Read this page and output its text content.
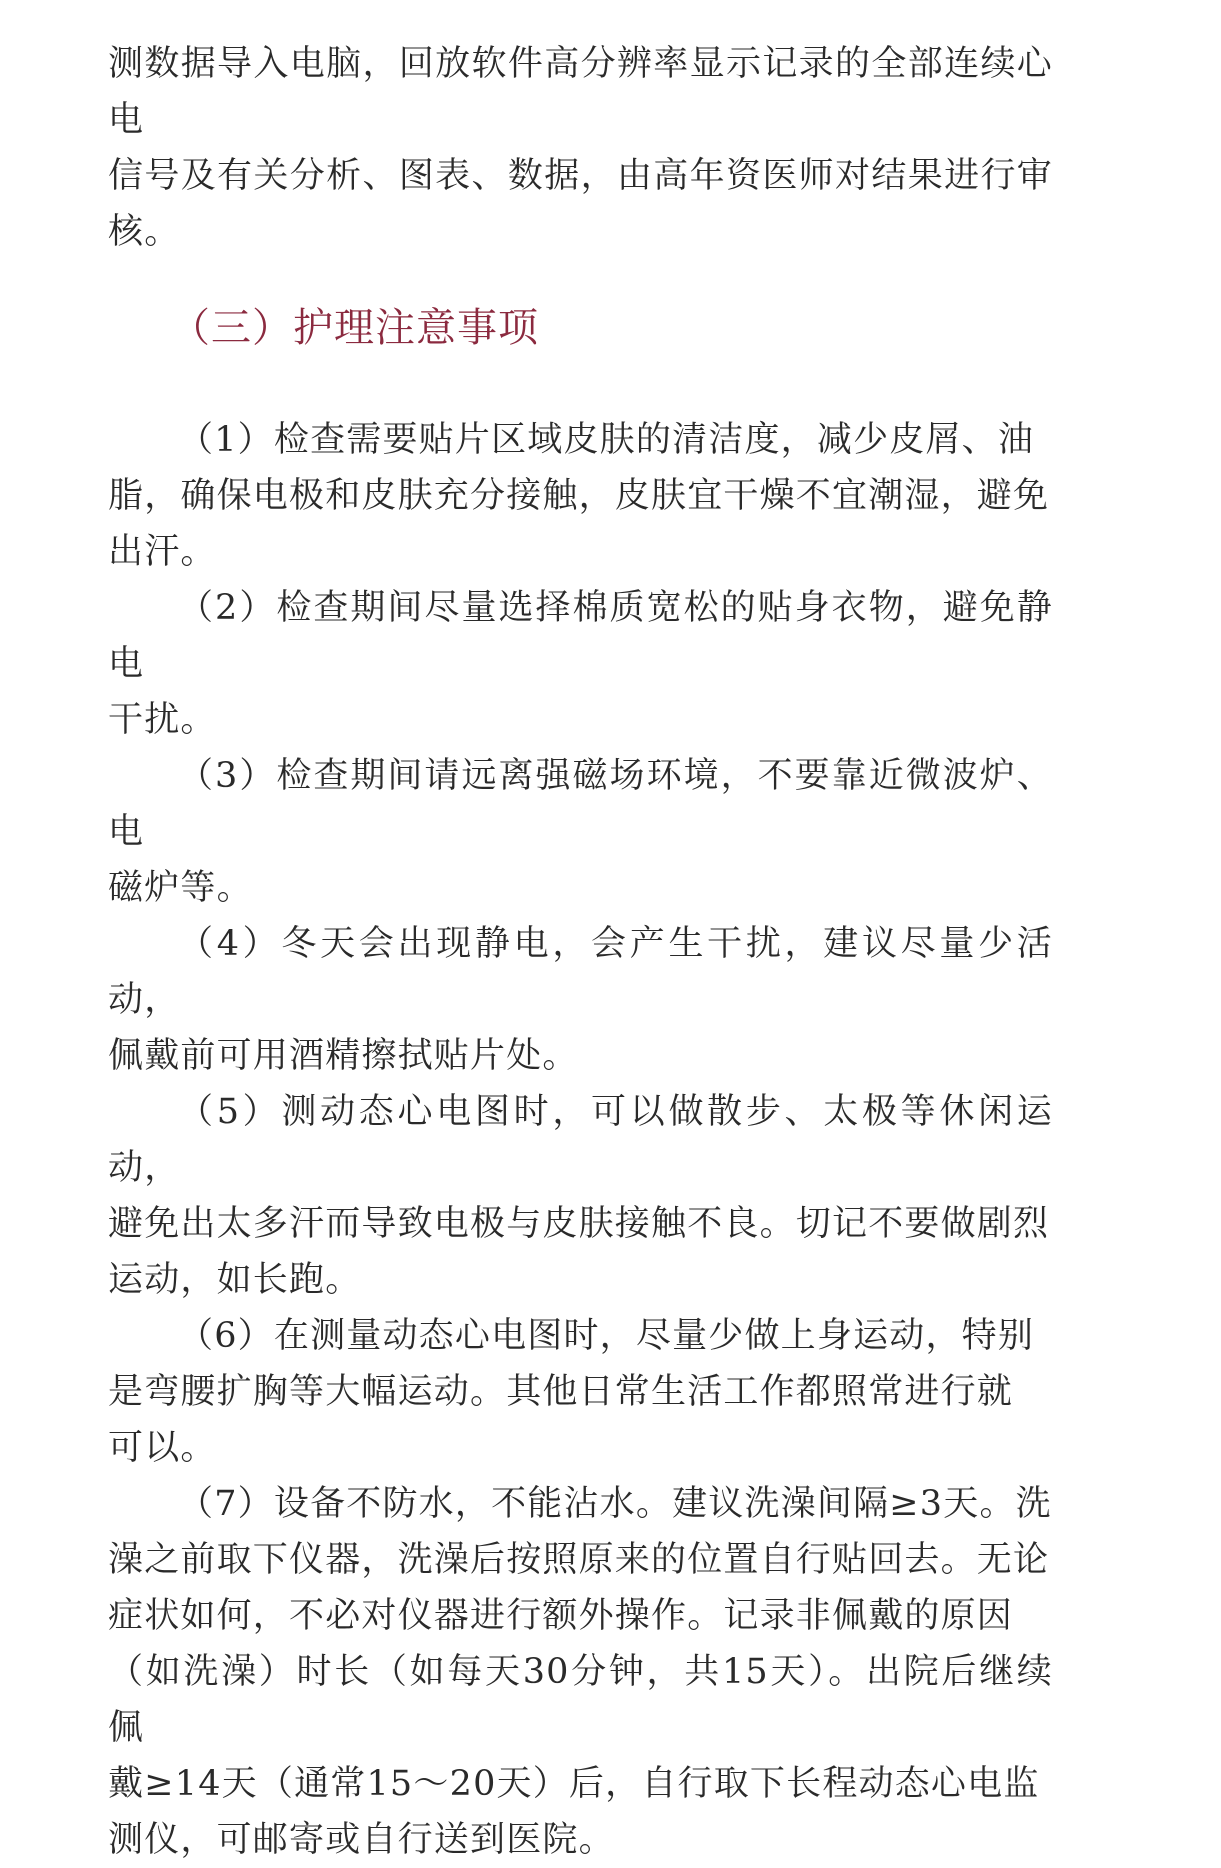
测数据导入电脑，回放软件高分辨率显示记录的全部连续心电
信号及有关分析、图表、数据，由高年资医师对结果进行审核。

（三）护理注意事项

（1）检查需要贴片区域皮肤的清洁度，减少皮屑、油
脂，确保电极和皮肤充分接触，皮肤宜干燥不宜潮湿，避免
出汗。

（2）检查期间尽量选择棉质宽松的贴身衣物，避免静电
干扰。

（3）检查期间请远离强磁场环境，不要靠近微波炉、电
磁炉等。

（4）冬天会出现静电，会产生干扰，建议尽量少活动，
佩戴前可用酒精擦拭贴片处。

（5）测动态心电图时，可以做散步、太极等休闲运动，
避免出太多汗而导致电极与皮肤接触不良。切记不要做剧烈
运动，如长跑。

（6）在测量动态心电图时，尽量少做上身运动，特别
是弯腰扩胸等大幅运动。其他日常生活工作都照常进行就
可以。

（7）设备不防水，不能沾水。建议洗澡间隔≥3天。洗
澡之前取下仪器，洗澡后按照原来的位置自行贴回去。无论
症状如何，不必对仪器进行额外操作。记录非佩戴的原因
（如洗澡）时长（如每天30分钟，共15天）。出院后继续佩
戴≥14天（通常15～20天）后，自行取下长程动态心电监
测仪，可邮寄或自行送到医院。
